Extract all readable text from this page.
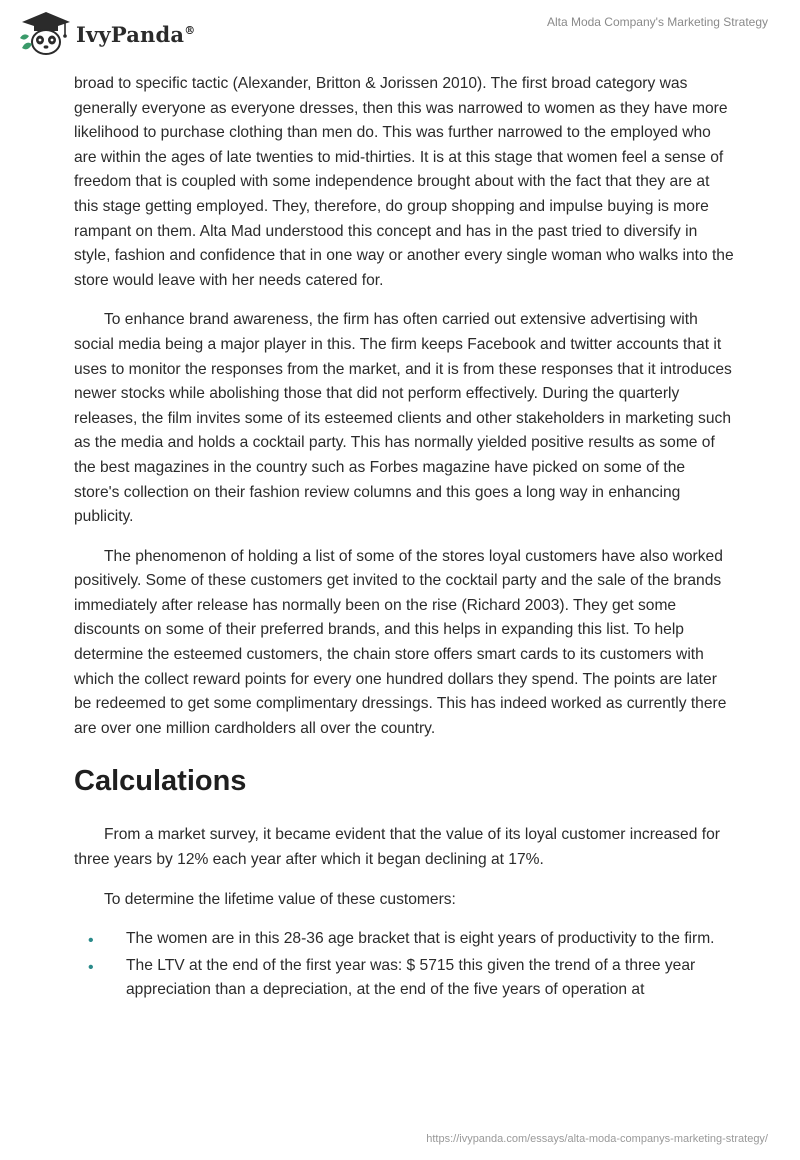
IvyPanda®
Alta Moda Company's Marketing Strategy

broad to specific tactic (Alexander, Britton & Jorissen 2010). The first broad category was generally everyone as everyone dresses, then this was narrowed to women as they have more likelihood to purchase clothing than men do. This was further narrowed to the employed who are within the ages of late twenties to mid-thirties. It is at this stage that women feel a sense of freedom that is coupled with some independence brought about with the fact that they are at this stage getting employed. They, therefore, do group shopping and impulse buying is more rampant on them. Alta Mad understood this concept and has in the past tried to diversify in style, fashion and confidence that in one way or another every single woman who walks into the store would leave with her needs catered for.

To enhance brand awareness, the firm has often carried out extensive advertising with social media being a major player in this. The firm keeps Facebook and twitter accounts that it uses to monitor the responses from the market, and it is from these responses that it introduces newer stocks while abolishing those that did not perform effectively. During the quarterly releases, the film invites some of its esteemed clients and other stakeholders in marketing such as the media and holds a cocktail party. This has normally yielded positive results as some of the best magazines in the country such as Forbes magazine have picked on some of the store's collection on their fashion review columns and this goes a long way in enhancing publicity.

The phenomenon of holding a list of some of the stores loyal customers have also worked positively. Some of these customers get invited to the cocktail party and the sale of the brands immediately after release has normally been on the rise (Richard 2003). They get some discounts on some of their preferred brands, and this helps in expanding this list. To help determine the esteemed customers, the chain store offers smart cards to its customers with which the collect reward points for every one hundred dollars they spend. The points are later be redeemed to get some complimentary dressings. This has indeed worked as currently there are over one million cardholders all over the country.

Calculations

From a market survey, it became evident that the value of its loyal customer increased for three years by 12% each year after which it began declining at 17%.

To determine the lifetime value of these customers:

• The women are in this 28-36 age bracket that is eight years of productivity to the firm.
• The LTV at the end of the first year was: $ 5715 this given the trend of a three year appreciation than a depreciation, at the end of the five years of operation at
https://ivypanda.com/essays/alta-moda-companys-marketing-strategy/
